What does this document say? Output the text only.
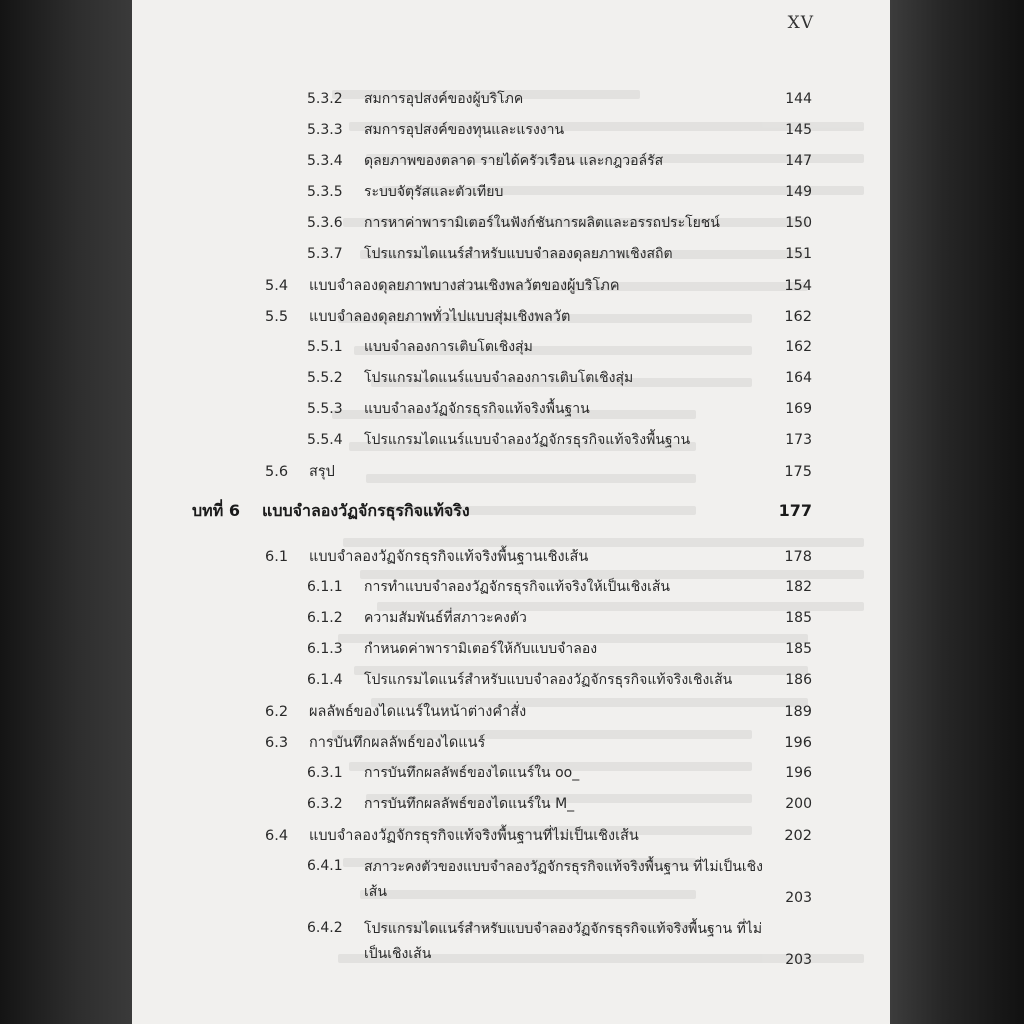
XV
5.3.2 สมการอุปสงค์ของผู้บริโภค	144
5.3.3 สมการอุปสงค์ของทุนและแรงงาน	145
5.3.4 ดุลยภาพของตลาด รายได้ครัวเรือน และกฎวอล์รัส	147
5.3.5 ระบบจัตุรัสและตัวเทียบ	149
5.3.6 การหาค่าพารามิเตอร์ในฟังก์ชันการผลิตและอรรถประโยชน์	150
5.3.7 โปรแกรมไดแนร์สำหรับแบบจำลองดุลยภาพเชิงสถิต	151
5.4 แบบจำลองดุลยภาพบางส่วนเชิงพลวัตของผู้บริโภค	154
5.5 แบบจำลองดุลยภาพทั่วไปแบบสุ่มเชิงพลวัต	162
5.5.1 แบบจำลองการเติบโตเชิงสุ่ม	162
5.5.2 โปรแกรมไดแนร์แบบจำลองการเติบโตเชิงสุ่ม	164
5.5.3 แบบจำลองวัฏจักรธุรกิจแท้จริงพื้นฐาน	169
5.5.4 โปรแกรมไดแนร์แบบจำลองวัฏจักรธุรกิจแท้จริงพื้นฐาน	173
5.6 สรุป	175
บทที่ 6 แบบจำลองวัฏจักรธุรกิจแท้จริง	177
6.1 แบบจำลองวัฏจักรธุรกิจแท้จริงพื้นฐานเชิงเส้น	178
6.1.1 การทำแบบจำลองวัฏจักรธุรกิจแท้จริงให้เป็นเชิงเส้น	182
6.1.2 ความสัมพันธ์ที่สภาวะคงตัว	185
6.1.3 กำหนดค่าพารามิเตอร์ให้กับแบบจำลอง	185
6.1.4 โปรแกรมไดแนร์สำหรับแบบจำลองวัฏจักรธุรกิจแท้จริงเชิงเส้น	186
6.2 ผลลัพธ์ของไดแนร์ในหน้าต่างคำสั่ง	189
6.3 การบันทึกผลลัพธ์ของไดแนร์	196
6.3.1 การบันทึกผลลัพธ์ของไดแนร์ใน oo_	196
6.3.2 การบันทึกผลลัพธ์ของไดแนร์ใน M_	200
6.4 แบบจำลองวัฏจักรธุรกิจแท้จริงพื้นฐานที่ไม่เป็นเชิงเส้น	202
6.4.1 สภาวะคงตัวของแบบจำลองวัฏจักรธุรกิจแท้จริงพื้นฐาน ที่ไม่เป็นเชิงเส้น	203
6.4.2 โปรแกรมไดแนร์สำหรับแบบจำลองวัฏจักรธุรกิจแท้จริงพื้นฐาน ที่ไม่เป็นเชิงเส้น	203
